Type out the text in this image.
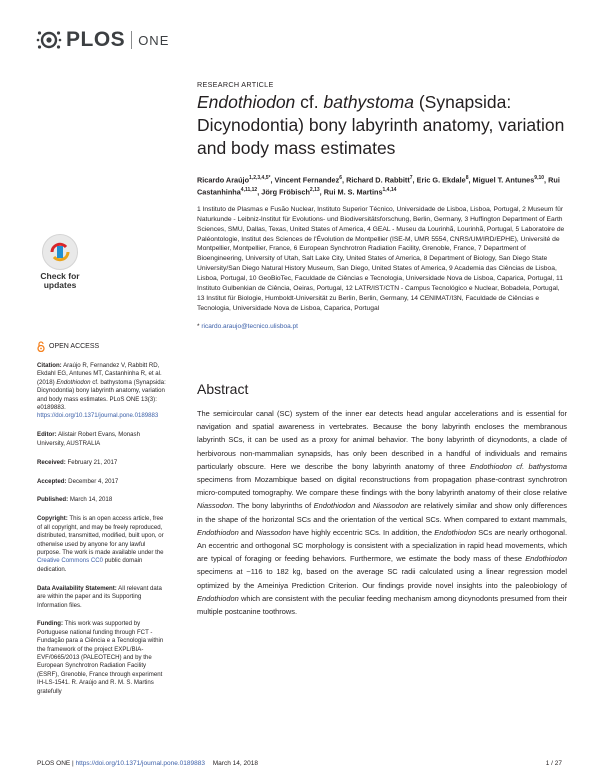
PLOS ONE
Check for updates
OPEN ACCESS

Citation: Araújo R, Fernandez V, Rabbitt RD, Ekdahl EG, Antunes MT, Castanhinha R, et al. (2018) Endothiodon cf. bathystoma (Synapsida: Dicynodontia) bony labyrinth anatomy, variation and body mass estimates. PLoS ONE 13(3): e0189883. https://doi.org/10.1371/journal.pone.0189883

Editor: Alistair Robert Evans, Monash University, AUSTRALIA

Received: February 21, 2017

Accepted: December 4, 2017

Published: March 14, 2018

Copyright: This is an open access article, free of all copyright, and may be freely reproduced, distributed, transmitted, modified, built upon, or otherwise used by anyone for any lawful purpose. The work is made available under the Creative Commons CC0 public domain dedication.

Data Availability Statement: All relevant data are within the paper and its Supporting Information files.

Funding: This work was supported by Portuguese national funding through FCT - Fundação para a Ciência e a Tecnologia within the framework of the project EXPL/BIA-EVF/0665/2013 (PALEOTECH) and by the European Synchrotron Radiation Facility (ESRF), Grenoble, France through experiment IH-LS-1541. R. Araújo and R. M. S. Martins gratefully

RESEARCH ARTICLE
Endothiodon cf. bathystoma (Synapsida: Dicynodontia) bony labyrinth anatomy, variation and body mass estimates
Ricardo Araújo$^{1,2,3,4,5*}$, Vincent Fernandez$^6$, Richard D. Rabbitt$^7$, Eric G. Ekdale$^8$, Miguel T. Antunes$^{9,10}$, Rui Castanhinha$^{4,11,12}$, Jörg Fröbisch$^{2,13}$, Rui M. S. Martins$^{1,4,14}$
1 Instituto de Plasmas e Fusão Nuclear, Instituto Superior Técnico, Universidade de Lisboa, Lisboa, Portugal, 2 Museum für Naturkunde - Leibniz-Institut für Evolutions- und Biodiversitätsforschung, Berlin, Germany, 3 Huffington Department of Earth Sciences, SMU, Dallas, Texas, United States of America, 4 GEAL - Museu da Lourinhã, Lourinhã, Portugal, 5 Laboratoire de Paléontologie, Institut des Sciences de l'Évolution de Montpellier (ISE-M, UMR 5554, CNRS/UM/IRD/EPHE), Université de Montpellier, Montpellier, France, 6 European Synchrotron Radiation Facility, Grenoble, France, 7 Department of Bioengineering, University of Utah, Salt Lake City, United States of America, 8 Department of Biology, San Diego State University/San Diego Natural History Museum, San Diego, United States of America, 9 Academia das Ciências de Lisboa, Lisboa, Portugal, 10 GeoBioTec, Faculdade de Ciências e Tecnologia, Universidade Nova de Lisboa, Caparica, Portugal, 11 Instituto Gulbenkian de Ciência, Oeiras, Portugal, 12 LATR/IST/CTN - Campus Tecnológico e Nuclear, Bobadela, Portugal, 13 Institut für Biologie, Humboldt-Universität zu Berlin, Berlin, Germany, 14 CENIMAT/I3N, Faculdade de Ciências e Tecnologia, Universidade Nova de Lisboa, Caparica, Portugal
* ricardo.araujo@tecnico.ulisboa.pt
Abstract
The semicircular canal (SC) system of the inner ear detects head angular accelerations and is essential for navigation and spatial awareness in vertebrates. Because the bony labyrinth encloses the membranous labyrinth SCs, it can be used as a proxy for animal behavior. The bony labyrinth of dicynodonts, a clade of herbivorous non-mammalian synapsids, has only been described in a handful of individuals and remains particularly obscure. Here we describe the bony labyrinth anatomy of three Endothiodon cf. bathystoma specimens from Mozambique based on digital reconstructions from propagation phase-contrast synchrotron micro-computed tomography. We compare these findings with the bony labyrinth anatomy of their close relative Niassodon. The bony labyrinths of Endothiodon and Niassodon are relatively similar and show only differences in the shape of the horizontal SCs and the orientation of the vertical SCs. When compared to extant mammals, Endothiodon and Niassodon have highly eccentric SCs. In addition, the Endothiodon SCs are nearly orthogonal. An eccentric and orthogonal SC morphology is consistent with a specialization in rapid head movements, which are typical of foraging or feeding behaviors. Furthermore, we estimate the body mass of these Endothiodon specimens at ~116 to 182 kg, based on the average SC radii calculated using a linear regression model optimized by the Ameiniya Prediction Criterion. Our findings provide novel insights into the paleobiology of Endothiodon which are consistent with the peculiar feeding mechanism among dicynodonts presumed from their multiple postcanine toothrows.
PLOS ONE | https://doi.org/10.1371/journal.pone.0189883 March 14, 2018	1 / 27
